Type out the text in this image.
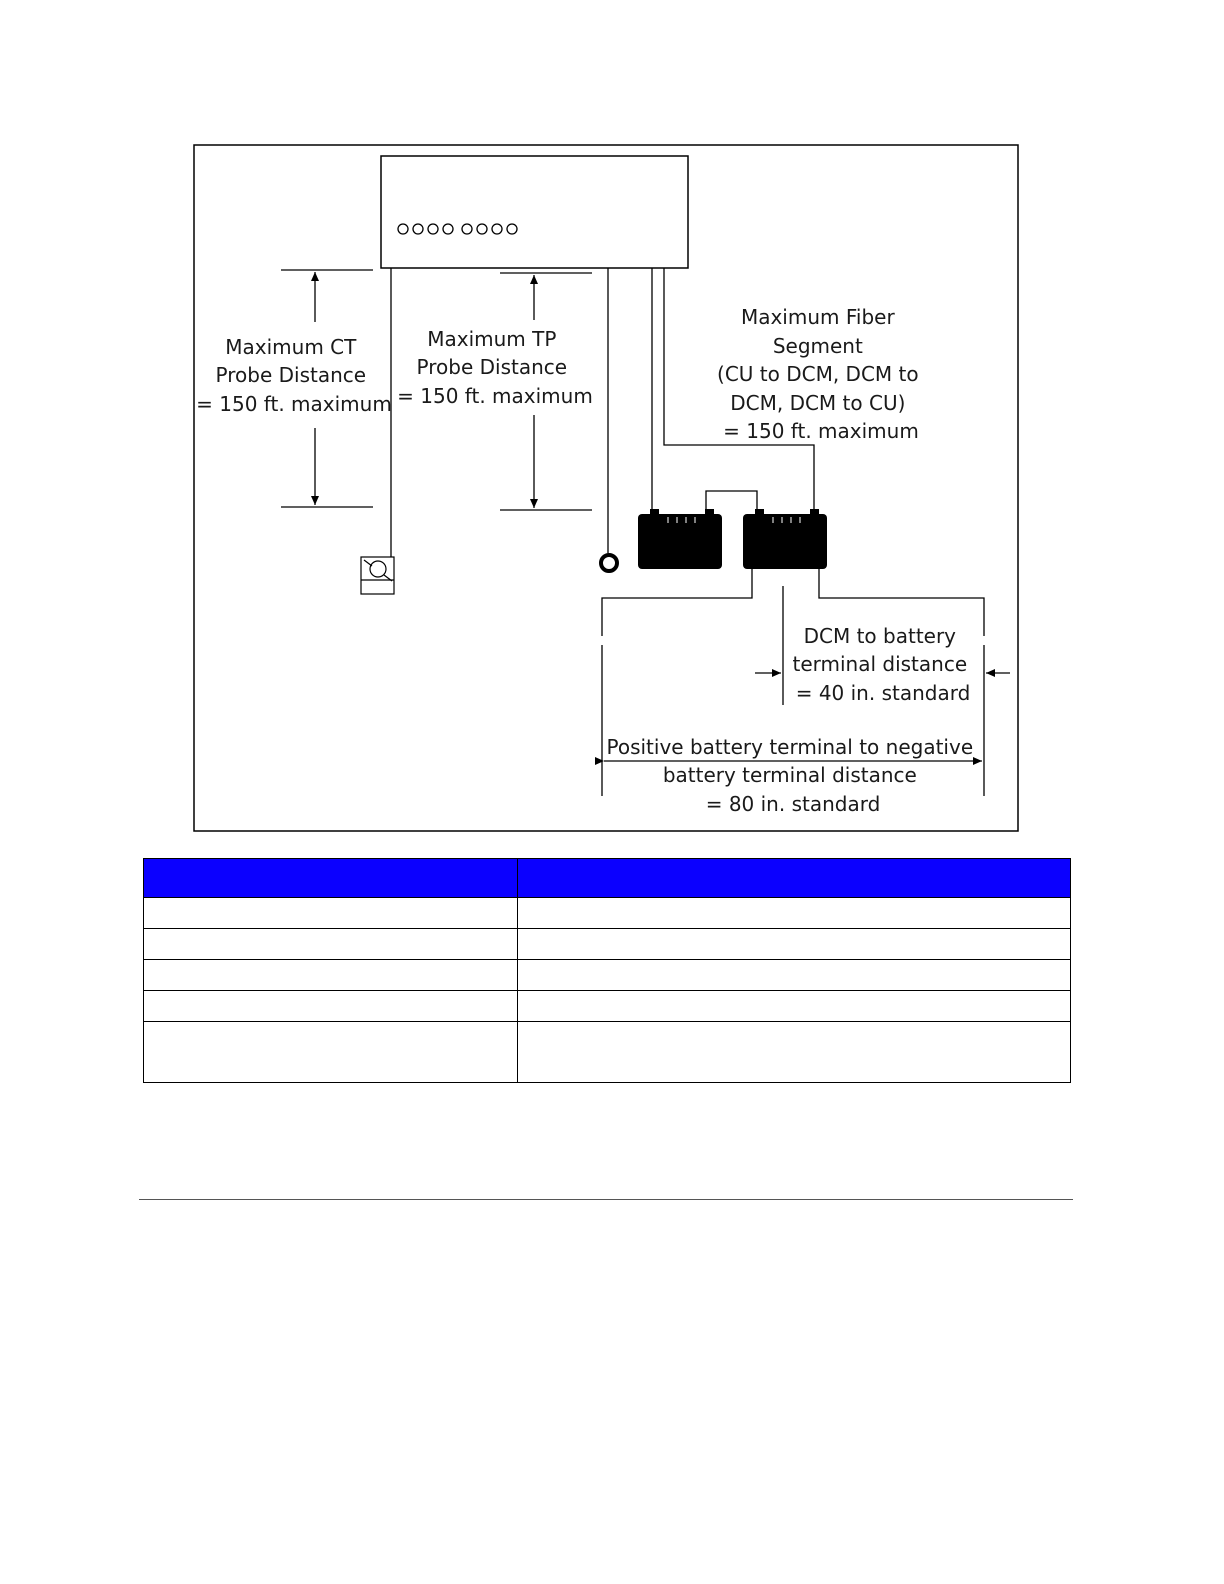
Maximum CT Probe Distance = 150 ft. maximum
Maximum TP Probe Distance = 150 ft. maximum
Maximum Fiber Segment (CU to DCM, DCM to DCM, DCM to CU) = 150 ft. maximum
DCM to battery terminal distance = 40 in. standard
Positive battery terminal to negative battery terminal distance = 80 in. standard
